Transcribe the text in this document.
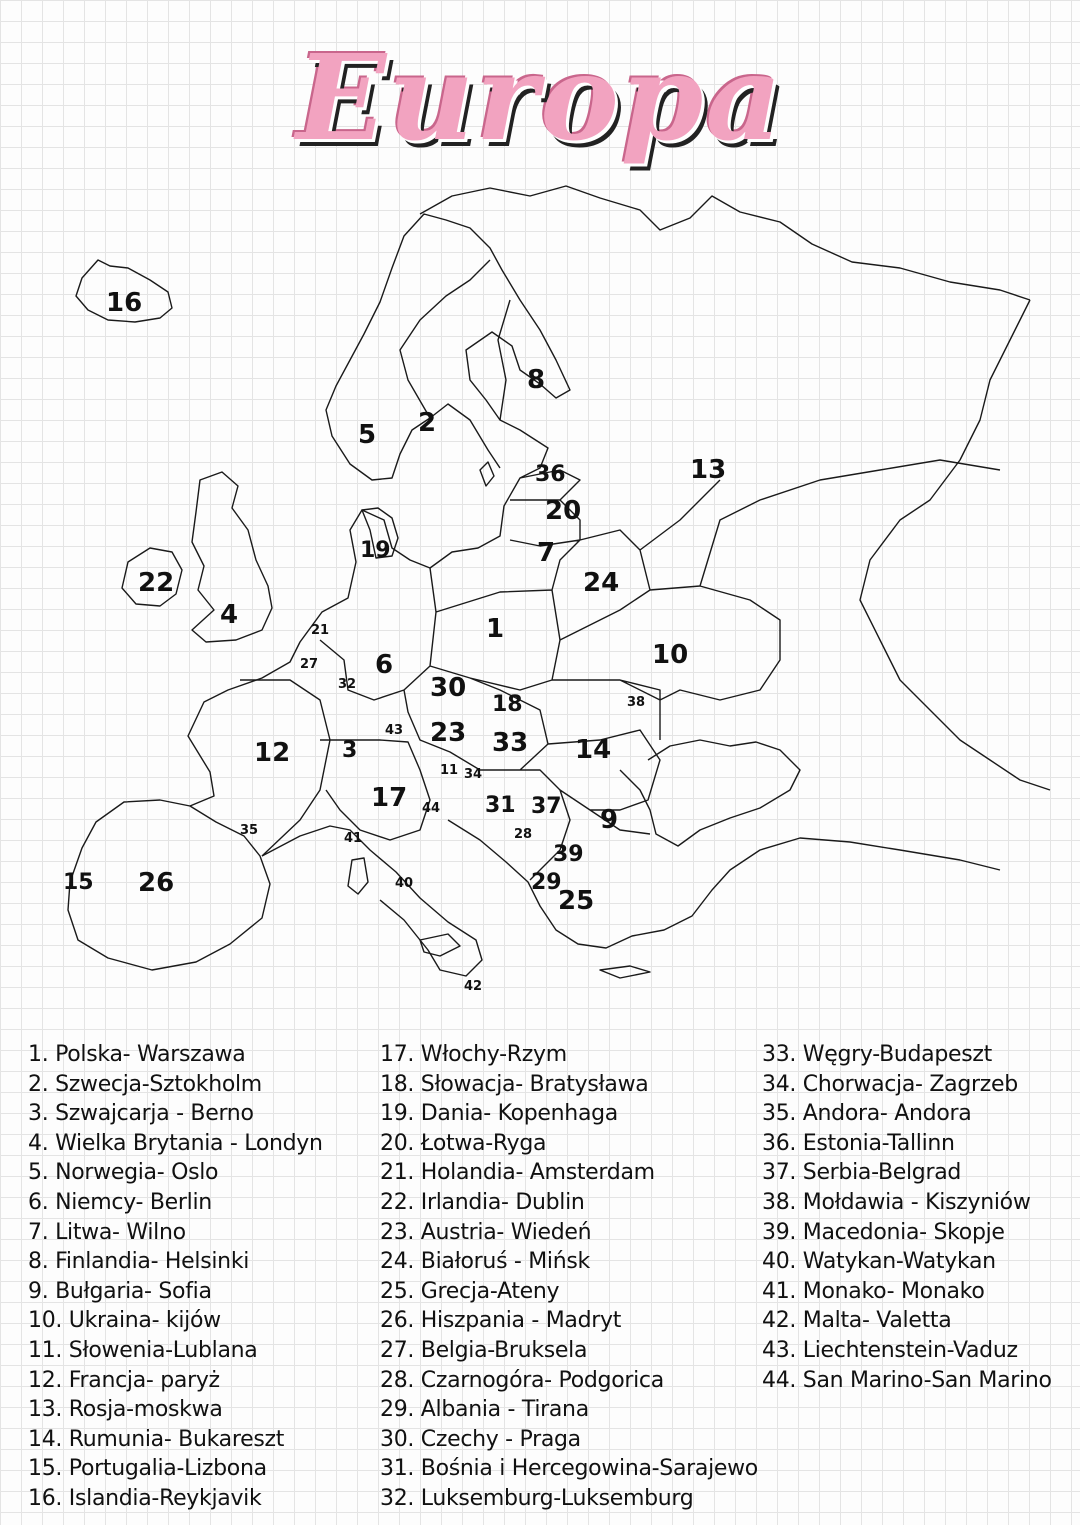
Europa
16
8
2
5
13
36
20
7
19
22	24
4	1
21
10
27 6
32	30	38
18
43 23 33 14
12 3
11 34
17 44 31 37 9
35
41	28
39
15 26	40	29
25
42
1. Polska- Warszawa
2. Szwecja-Sztokholm
3. Szwajcarja - Berno
4. Wielka Brytania - Londyn
5. Norwegia- Oslo
6. Niemcy- Berlin
7. Litwa- Wilno
8. Finlandia- Helsinki
9. Bułgaria- Sofia
10. Ukraina- kijów
11. Słowenia-Lublana
12. Francja- paryż
13. Rosja-moskwa
14. Rumunia- Bukareszt
15. Portugalia-Lizbona
16. Islandia-Reykjavik
17. Włochy-Rzym
18. Słowacja- Bratysława
19. Dania- Kopenhaga
20. Łotwa-Ryga
21. Holandia- Amsterdam
22. Irlandia- Dublin
23. Austria- Wiedeń
24. Białoruś - Mińsk
25. Grecja-Ateny
26. Hiszpania - Madryt
27. Belgia-Bruksela
28. Czarnogóra- Podgorica
29. Albania - Tirana
30. Czechy - Praga
31. Bośnia i Hercegowina-Sarajewo
32. Luksemburg-Luksemburg
33. Węgry-Budapeszt
34. Chorwacja- Zagrzeb
35. Andora- Andora
36. Estonia-Tallinn
37. Serbia-Belgrad
38. Mołdawia - Kiszyniów
39. Macedonia- Skopje
40. Watykan-Watykan
41. Monako- Monako
42. Malta- Valetta
43. Liechtenstein-Vaduz
44. San Marino-San Marino
